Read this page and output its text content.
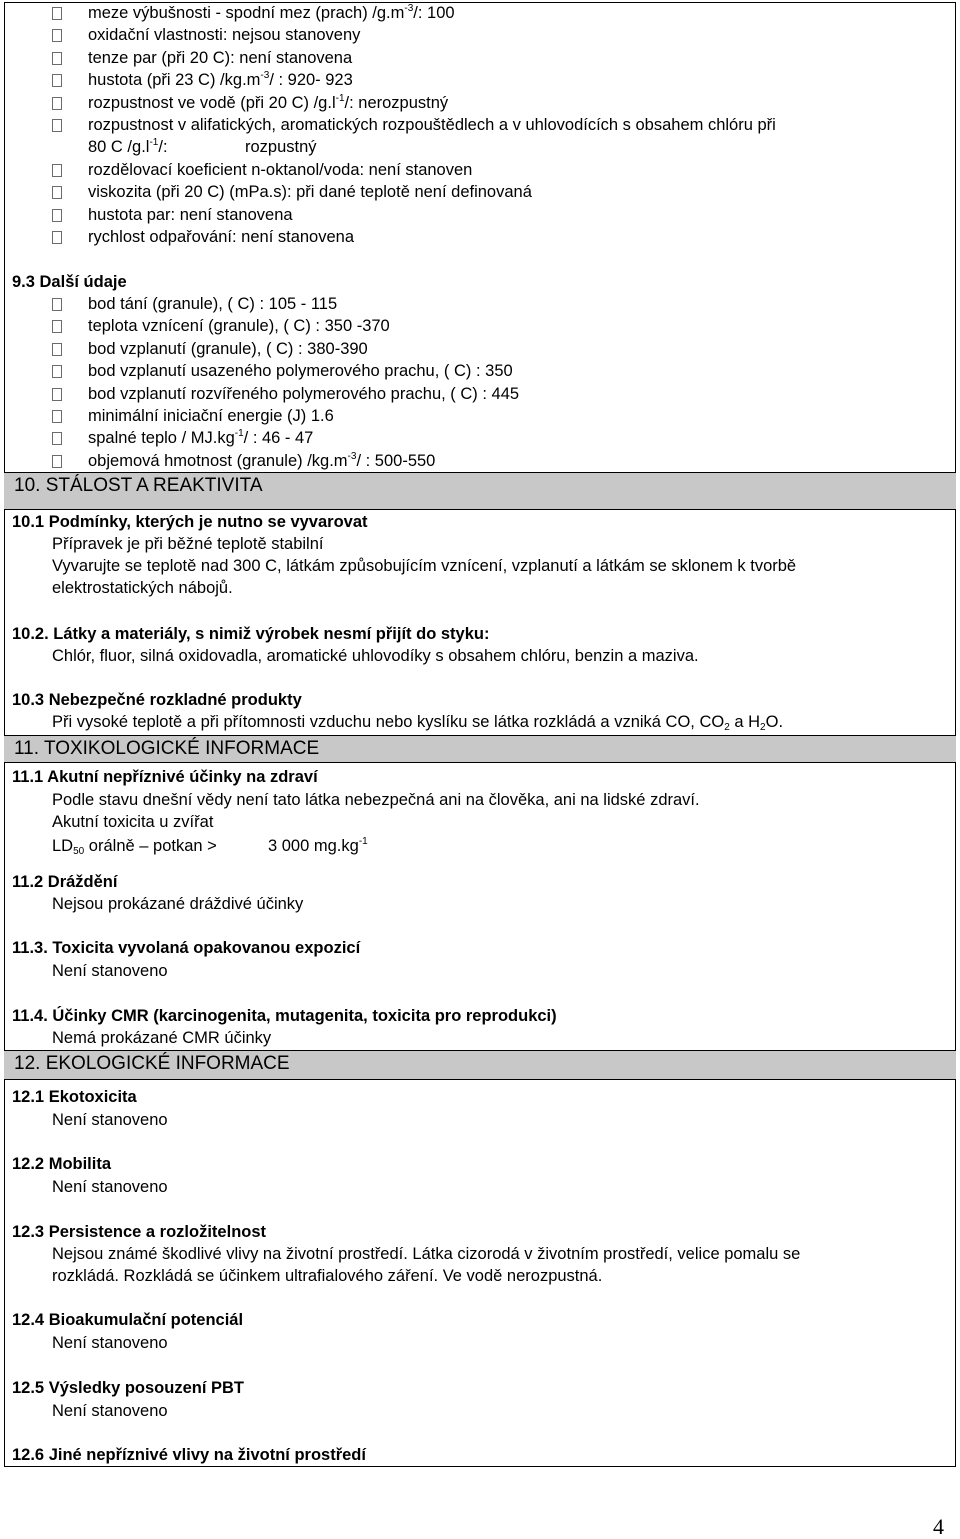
meze výbušnosti - spodní mez (prach) $/g.m^{-3}/$: 100
oxidační vlastnosti: nejsou stanoveny
tenze par (při 20 C): není stanovena
hustota (při 23 C) $/kg.m^{-3}/$ : 920- 923
rozpustnost ve vodě (při 20 C) $/g.l^{-1}/$: nerozpustný
rozpustnost v alifatických, aromatických rozpouštědlech a v uhlovodících s obsahem chlóru při
80 C $/g.l^{-1}/$:	rozpustný
rozdělovací koeficient n-oktanol/voda: není stanoven
viskozita (při 20 C) (mPa.s): při dané teplotě není definovaná
hustota par: není stanovena
rychlost odpařování: není stanovena
9.3 Další údaje
bod tání (granule), ( C) : 105 - 115
teplota vznícení (granule), ( C) : 350 -370
bod vzplanutí (granule), ( C) : 380-390
bod vzplanutí usazeného polymerového prachu, ( C) : 350
bod vzplanutí rozvířeného polymerového prachu, ( C) : 445
minimální iniciační energie (J) 1.6
spalné teplo / $MJ.kg^{-1}/$ : 46 - 47
objemová hmotnost (granule) $/kg.m^{-3}/$ : 500-550
10. STÁLOST A REAKTIVITA
10.1 Podmínky, kterých je nutno se vyvarovat
Přípravek je při běžné teplotě stabilní
Vyvarujte se teplotě nad 300 C, látkám způsobujícím vznícení, vzplanutí a látkám se sklonem k tvorbě
elektrostatických nábojů.
10.2. Látky a materiály, s nimiž výrobek nesmí přijít do styku:
Chlór, fluor, silná oxidovadla, aromatické uhlovodíky s obsahem chlóru, benzin a maziva.
10.3 Nebezpečné rozkladné produkty
Při vysoké teplotě a při přítomnosti vzduchu nebo kyslíku se látka rozkládá a vzniká CO, $CO_2$ a $H_2O$.
11. TOXIKOLOGICKÉ INFORMACE
11.1 Akutní nepříznivé účinky na zdraví
Podle stavu dnešní vědy není tato látka nebezpečná ani na člověka, ani na lidské zdraví.
Akutní toxicita u zvířat
$LD_{50}$ orálně – potkan >	3 000 $mg.kg^{-1}$
11.2 Dráždění
Nejsou prokázané dráždivé účinky
11.3. Toxicita vyvolaná opakovanou expozicí
Není stanoveno
11.4. Účinky CMR (karcinogenita, mutagenita, toxicita pro reprodukci)
Nemá prokázané CMR účinky
12. EKOLOGICKÉ INFORMACE
12.1 Ekotoxicita
Není stanoveno
12.2 Mobilita
Není stanoveno
12.3 Persistence a rozložitelnost
Nejsou známé škodlivé vlivy na životní prostředí. Látka cizorodá v životním prostředí, velice pomalu se
rozkládá. Rozkládá se účinkem ultrafialového záření. Ve vodě nerozpustná.
12.4 Bioakumulační potenciál
Není stanoveno
12.5 Výsledky posouzení PBT
Není stanoveno
12.6 Jiné nepříznivé vlivy na životní prostředí
4
